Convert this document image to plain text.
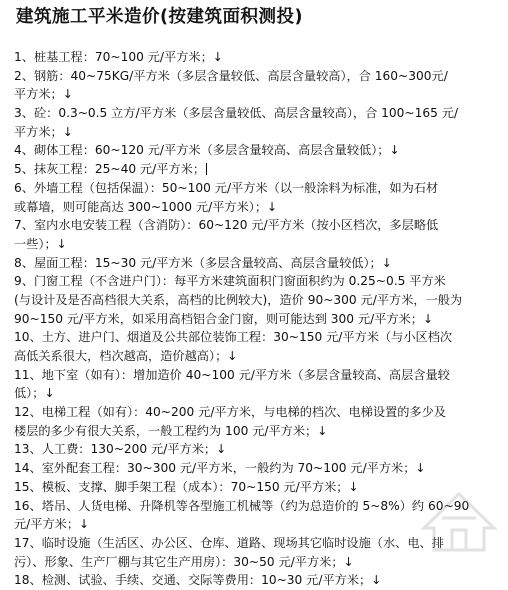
建筑施工平米造价(按建筑面积测投)
1、桩基工程：70~100 元/平方米；↓
2、钢筋：40~75KG/平方米（多层含量较低、高层含量较高），合 160~300元/
平方米；↓
3、砼：0.3~0.5 立方/平方米（多层含量较低、高层含量较高），合 100~165 元/
平方米；↓
4、砌体工程：60~120 元/平方米（多层含量较高、高层含量较低）；↓
5、抹灰工程：25~40 元/平方米；
6、外墙工程（包括保温）：50~100 元/平方米（以一般涂料为标准，如为石材
或幕墙，则可能高达 300~1000 元/平方米）；↓
7、室内水电安装工程（含消防）：60~120 元/平方米（按小区档次，多层略低
一些）；↓
8、屋面工程：15~30 元/平方米（多层含量较高、高层含量较低）；↓
9、门窗工程（不含进户门）：每平方米建筑面积门窗面积约为 0.25~0.5 平方米
(与设计及是否高档很大关系，高档的比例较大)，造价 90~300 元/平方米，一般为
90~150 元/平方米，如采用高档铝合金门窗，则可能达到 300 元/平方米；↓
10、土方、进户门、烟道及公共部位装饰工程：30~150 元/平方米（与小区档次
高低关系很大，档次越高，造价越高）；↓
11、地下室（如有）：增加造价 40~100 元/平方米（多层含量较高、高层含量较
低）；↓
12、电梯工程（如有）：40~200 元/平方米，与电梯的档次、电梯设置的多少及
楼层的多少有很大关系，一般工程约为 100 元/平方米；↓
13、人工费：130~200 元/平方米；↓
14、室外配套工程：30~300 元/平方米，一般约为 70~100 元/平方米；↓
15、模板、支撑、脚手架工程（成本）：70~150 元/平方米；↓
16、塔吊、人货电梯、升降机等各型施工机械等（约为总造价的 5~8%）约 60~90
元/平方米；↓
17、临时设施（生活区、办公区、仓库、道路、现场其它临时设施（水、电、排
污）、形象、生产厂棚与其它生产用房）：30~50 元/平方米；↓
18、检测、试验、手续、交通、交际等费用：10~30 元/平方米；↓
